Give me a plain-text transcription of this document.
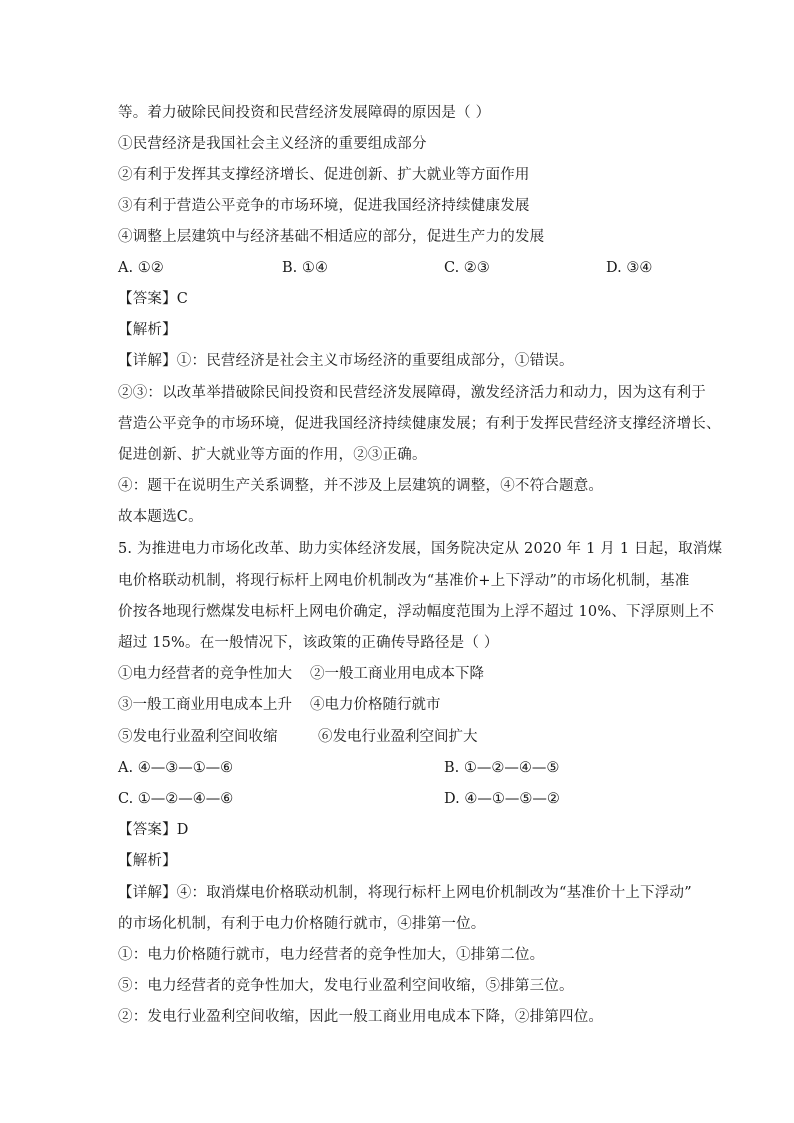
等。着力破除民间投资和民营经济发展障碍的原因是（ ）
①民营经济是我国社会主义经济的重要组成部分
②有利于发挥其支撑经济增长、促进创新、扩大就业等方面作用
③有利于营造公平竞争的市场环境，促进我国经济持续健康发展
④调整上层建筑中与经济基础不相适应的部分，促进生产力的发展
A. ①②	B. ①④	C. ②③	D. ③④
【答案】C
【解析】
【详解】①：民营经济是社会主义市场经济的重要组成部分，①错误。
②③：以改革举措破除民间投资和民营经济发展障碍，激发经济活力和动力，因为这有利于
营造公平竞争的市场环境，促进我国经济持续健康发展；有利于发挥民营经济支撑经济增长、
促进创新、扩大就业等方面的作用，②③正确。
④：题干在说明生产关系调整，并不涉及上层建筑的调整，④不符合题意。
故本题选C。
5. 为推进电力市场化改革、助力实体经济发展，国务院决定从 2020 年 1 月 1 日起，取消煤
电价格联动机制，将现行标杆上网电价机制改为“基准价+上下浮动”的市场化机制，基准
价按各地现行燃煤发电标杆上网电价确定，浮动幅度范围为上浮不超过 10%、下浮原则上不
超过 15%。在一般情况下，该政策的正确传导路径是（ ）
①电力经营者的竞争性加大 ②一般工商业用电成本下降
③一般工商业用电成本上升 ④电力价格随行就市
⑤发电行业盈利空间收缩	⑥发电行业盈利空间扩大
A. ④—③—①—⑥	B. ①—②—④—⑤
C. ①—②—④—⑥	D. ④—①—⑤—②
【答案】D
【解析】
【详解】④：取消煤电价格联动机制，将现行标杆上网电价机制改为“基准价十上下浮动”
的市场化机制，有利于电力价格随行就市，④排第一位。
①：电力价格随行就市，电力经营者的竞争性加大，①排第二位。
⑤：电力经营者的竞争性加大，发电行业盈利空间收缩，⑤排第三位。
②：发电行业盈利空间收缩，因此一般工商业用电成本下降，②排第四位。
